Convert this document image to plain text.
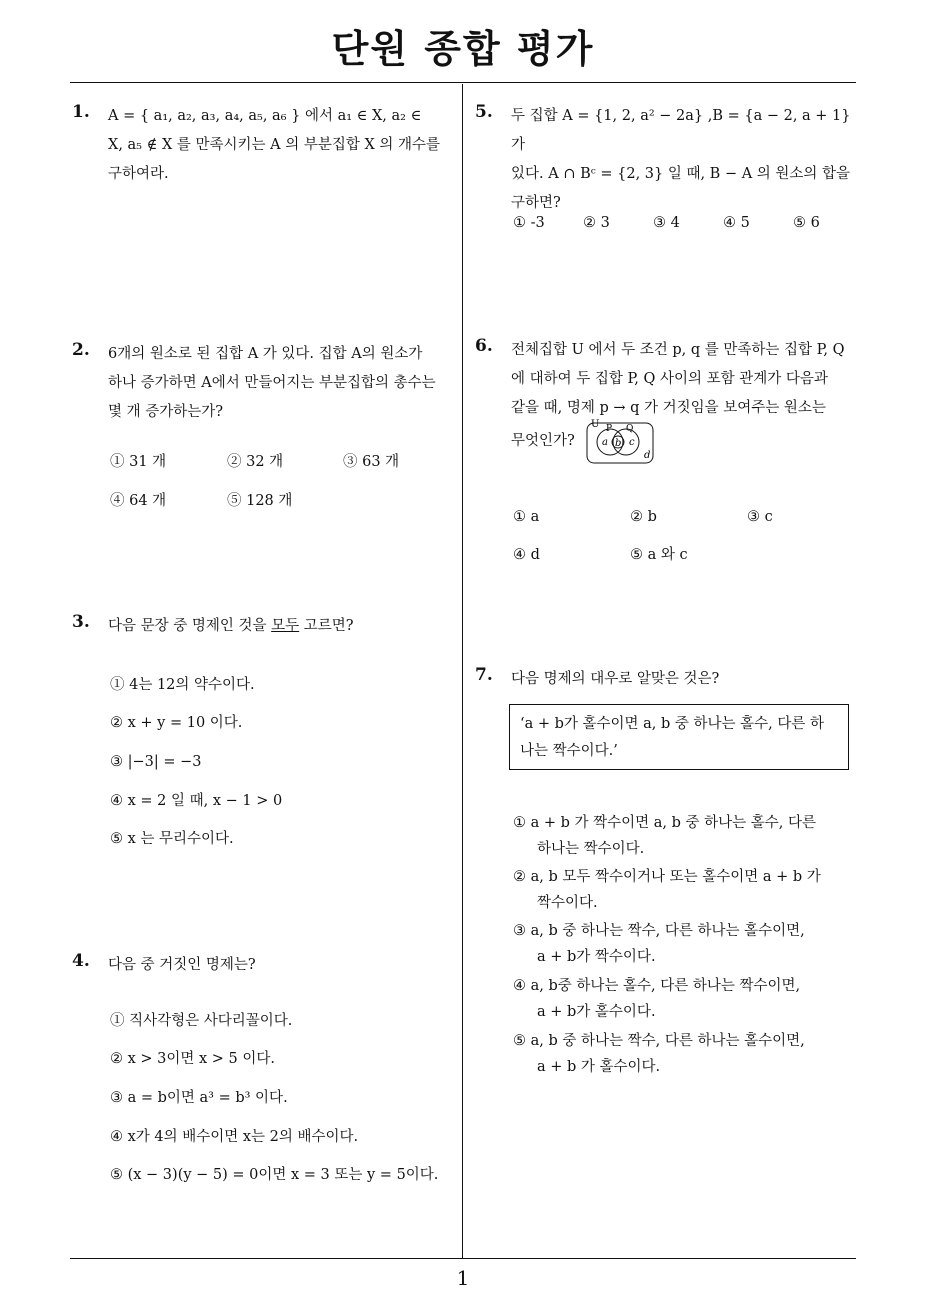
단원 종합 평가
1
1. A = { a₁, a₂, a₃, a₄, a₅, a₆ } 에서 a₁ ∈ X, a₂ ∈
X, a₅ ∉ X 를 만족시키는 A 의 부분집합 X 의 개수를
구하여라.
2. 6개의 원소로 된 집합 A 가 있다. 집합 A의 원소가
하나 증가하면 A에서 만들어지는 부분집합의 총수는
몇 개 증가하는가?
① 31 개	② 32 개	③ 63 개
④ 64 개	⑤ 128 개
3. 다음 문장 중 명제인 것을 모두 고르면?
① 4는 12의 약수이다.
② x + y = 10 이다.
③ |−3| = −3
④ x = 2 일 때, x − 1 > 0
⑤ x 는 무리수이다.
4. 다음 중 거짓인 명제는?
① 직사각형은 사다리꼴이다.
② x > 3이면 x > 5 이다.
③ a = b이면 a³ = b³ 이다.
④ x가 4의 배수이면 x는 2의 배수이다.
⑤ (x − 3)(y − 5) = 0이면 x = 3 또는 y = 5이다.
5. 두 집합 A = {1, 2, a² − 2a} ,B = {a − 2, a + 1} 가
있다. A ∩ Bᶜ = {2, 3} 일 때, B − A 의 원소의 합을
구하면?
① -3	② 3	③ 4	④ 5	⑤ 6
6. 전체집합 U 에서 두 조건 p, q 를 만족하는 집합 P, Q
에 대하여 두 집합 P, Q 사이의 포함 관계가 다음과
같을 때, 명제 p → q 가 거짓임을 보여주는 원소는
무엇인가?
U P Q
a b c
d
① a	② b	③ c
④ d	⑤ a 와 c
7. 다음 명제의 대우로 알맞은 것은?
‘a + b가 홀수이면 a, b 중 하나는 홀수, 다른 하
나는 짝수이다.’
① a + b 가 짝수이면 a, b 중 하나는 홀수, 다른
하나는 짝수이다.
② a, b 모두 짝수이거나 또는 홀수이면 a + b 가
짝수이다.
③ a, b 중 하나는 짝수, 다른 하나는 홀수이면,
a + b가 짝수이다.
④ a, b중 하나는 홀수, 다른 하나는 짝수이면,
a + b가 홀수이다.
⑤ a, b 중 하나는 짝수, 다른 하나는 홀수이면,
a + b 가 홀수이다.
